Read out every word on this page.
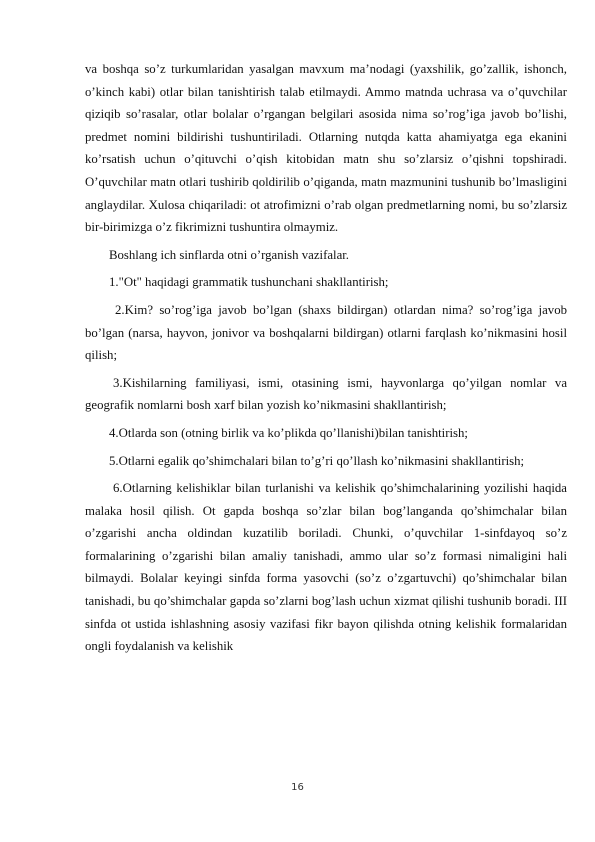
va boshqa so’z turkumlaridan yasalgan mavxum ma’nodagi (yaxshilik, go’zallik, ishonch, o’kinch kabi) otlar bilan tanishtirish talab etilmaydi. Ammo matnda uchrasa va o’quvchilar qiziqib so’rasalar, otlar bolalar o’rgangan belgilari asosida nima so’rog’iga javob bo’lishi, predmet nomini bildirishi tushuntiriladi. Otlarning nutqda katta ahamiyatga ega ekanini ko’rsatish uchun o’qituvchi o’qish kitobidan matn shu so’zlarsiz o’qishni topshiradi. O’quvchilar matn otlari tushirib qoldirilib o’qiganda, matn mazmunini tushunib bo’lmasligini anglaydilar. Xulosa chiqariladi: ot atrofimizni o’rab olgan predmetlarning nomi, bu so’zlarsiz bir-birimizga o’z fikrimizni tushuntira olmaymiz.

Boshlang ich sinflarda otni o’rganish vazifalar.

1."Ot" haqidagi grammatik tushunchani shakllantirish;

2.Kim? so’rog’iga javob bo’lgan (shaxs bildirgan) otlardan nima? so’rog’iga javob bo’lgan (narsa, hayvon, jonivor va boshqalarni bildirgan) otlarni farqlash ko’nikmasini hosil qilish;

3.Kishilarning familiyasi, ismi, otasining ismi, hayvonlarga qo’yilgan nomlar va geografik nomlarni bosh xarf bilan yozish ko’nikmasini shakllantirish;

4.Otlarda son (otning birlik va ko’plikda qo’llanishi)bilan tanishtirish;

5.Otlarni egalik qo’shimchalari bilan to’g’ri qo’llash ko’nikmasini shakllantirish;

6.Otlarning kelishiklar bilan turlanishi va kelishik qo’shimchalarining yozilishi haqida malaka hosil qilish. Ot gapda boshqa so’zlar bilan bog’langanda qo’shimchalar bilan o’zgarishi ancha oldindan kuzatilib boriladi. Chunki, o’quvchilar 1-sinfdayoq so’z formalarining o’zgarishi bilan amaliy tanishadi, ammo ular so’z formasi nimaligini hali bilmaydi. Bolalar keyingi sinfda forma yasovchi (so’z o’zgartuvchi) qo’shimchalar bilan tanishadi, bu qo’shimchalar gapda so’zlarni bog’lash uchun xizmat qilishi tushunib boradi. III sinfda ot ustida ishlashning asosiy vazifasi fikr bayon qilishda otning kelishik formalaridan ongli foydalanish va kelishik

16
